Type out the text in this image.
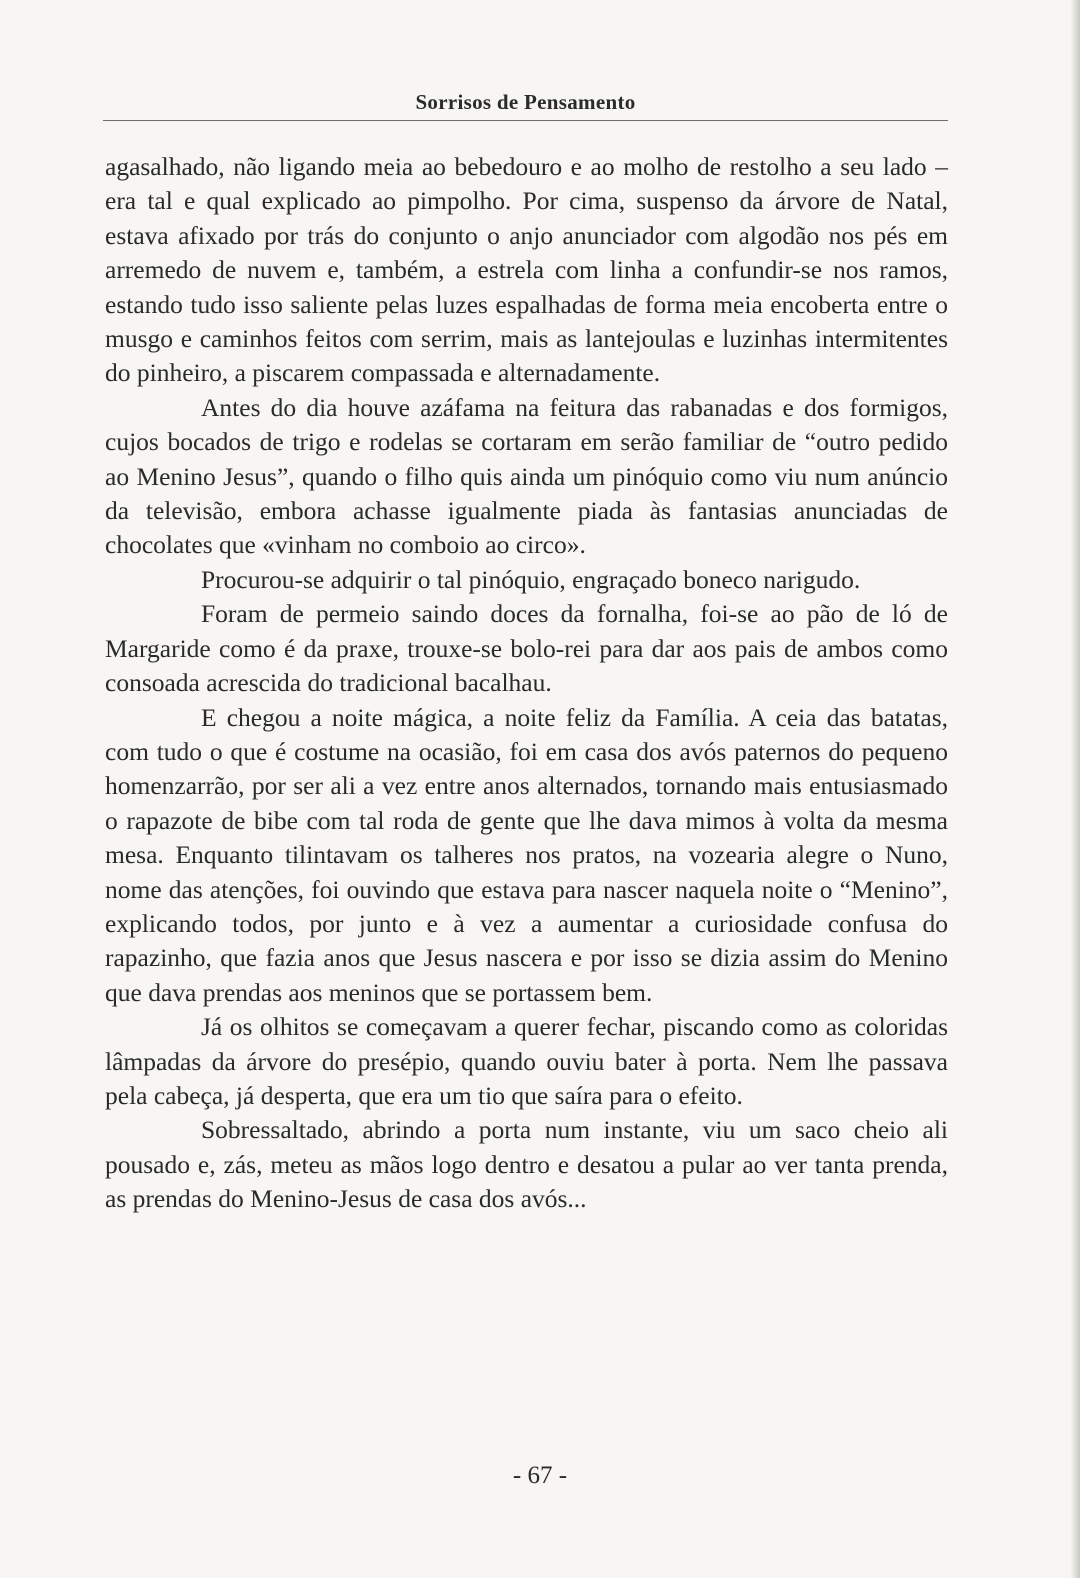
Sorrisos de Pensamento

agasalhado, não ligando meia ao bebedouro e ao molho de restolho a seu lado – era tal e qual explicado ao pimpolho. Por cima, suspenso da árvore de Natal, estava afixado por trás do conjunto o anjo anunciador com algodão nos pés em arremedo de nuvem e, também, a estrela com linha a confundir-se nos ramos, estando tudo isso saliente pelas luzes espalhadas de forma meia encoberta entre o musgo e caminhos feitos com serrim, mais as lantejoulas e luzinhas intermitentes do pinheiro, a piscarem compassada e alternadamente.

Antes do dia houve azáfama na feitura das rabanadas e dos formigos, cujos bocados de trigo e rodelas se cortaram em serão familiar de “outro pedido ao Menino Jesus”, quando o filho quis ainda um pinóquio como viu num anúncio da televisão, embora achasse igualmente piada às fantasias anunciadas de chocolates que «vinham no comboio ao circo».

Procurou-se adquirir o tal pinóquio, engraçado boneco narigudo.

Foram de permeio saindo doces da fornalha, foi-se ao pão de ló de Margaride como é da praxe, trouxe-se bolo-rei para dar aos pais de ambos como consoada acrescida do tradicional bacalhau.

E chegou a noite mágica, a noite feliz da Família. A ceia das batatas, com tudo o que é costume na ocasião, foi em casa dos avós paternos do pequeno homenzarrão, por ser ali a vez entre anos alternados, tornando mais entusiasmado o rapazote de bibe com tal roda de gente que lhe dava mimos à volta da mesma mesa. Enquanto tilintavam os talheres nos pratos, na vozearia alegre o Nuno, nome das atenções, foi ouvindo que estava para nascer naquela noite o “Menino”, explicando todos, por junto e à vez a aumentar a curiosidade confusa do rapazinho, que fazia anos que Jesus nascera e por isso se dizia assim do Menino que dava prendas aos meninos que se portassem bem.

Já os olhitos se começavam a querer fechar, piscando como as coloridas lâmpadas da árvore do presépio, quando ouviu bater à porta. Nem lhe passava pela cabeça, já desperta, que era um tio que saíra para o efeito.

Sobressaltado, abrindo a porta num instante, viu um saco cheio ali pousado e, zás, meteu as mãos logo dentro e desatou a pular ao ver tanta prenda, as prendas do Menino-Jesus de casa dos avós...

- 67 -
